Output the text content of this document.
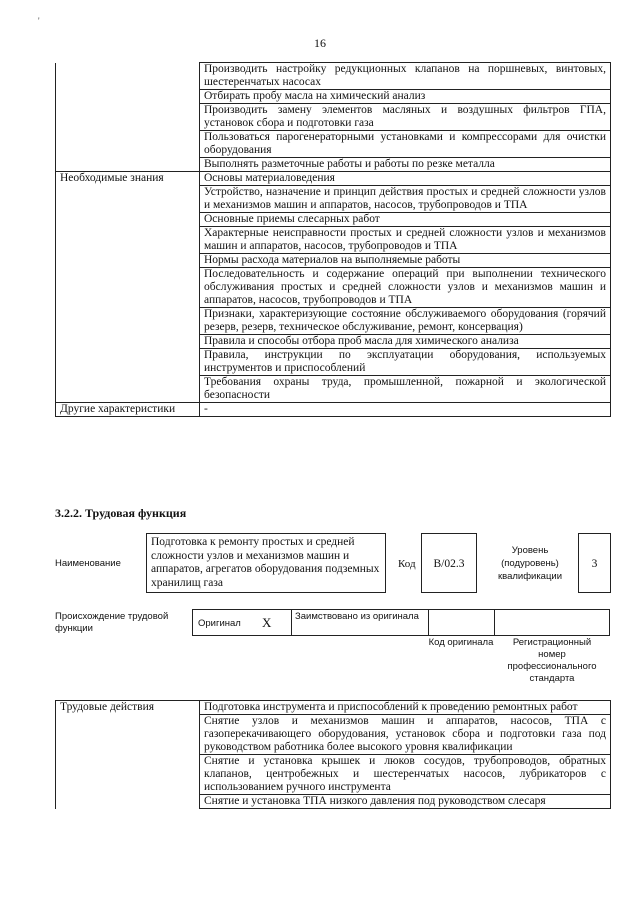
'
16
	Производить настройку редукционных клапанов на поршневых, винтовых, шестеренчатых насосах
	Отбирать пробу масла на химический анализ
	Производить замену элементов масляных и воздушных фильтров ГПА, установок сбора и подготовки газа
	Пользоваться парогенераторными установками и компрессорами для очистки оборудования
	Выполнять разметочные работы и работы по резке металла
Необходимые знания	Основы материаловедения
	Устройство, назначение и принцип действия простых и средней сложности узлов и механизмов машин и аппаратов, насосов, трубопроводов и ТПА
	Основные приемы слесарных работ
	Характерные неисправности простых и средней сложности узлов и механизмов машин и аппаратов, насосов, трубопроводов и ТПА
	Нормы расхода материалов на выполняемые работы
	Последовательность и содержание операций при выполнении технического обслуживания простых и средней сложности узлов и механизмов машин и аппаратов, насосов, трубопроводов и ТПА
	Признаки, характеризующие состояние обслуживаемого оборудования (горячий резерв, резерв, техническое обслуживание, ремонт, консервация)
	Правила и способы отбора проб масла для химического анализа
	Правила, инструкции по эксплуатации оборудования, используемых инструментов и приспособлений
	Требования охраны труда, промышленной, пожарной и экологической безопасности
Другие характеристики	-
3.2.2. Трудовая функция
Наименование
Подготовка к ремонту простых и средней сложности узлов и механизмов машин и аппаратов, агрегатов оборудования подземных хранилищ газа
Код	B/02.3
Уровень (подуровень) квалификации
3
Происхождение трудовой функции	Оригинал X Заимствовано из оригинала
Код оригинала	Регистрационный номер профессионального стандарта
Трудовые действия	Подготовка инструмента и приспособлений к проведению ремонтных работ
	Снятие узлов и механизмов машин и аппаратов, насосов, ТПА с газоперекачивающего оборудования, установок сбора и подготовки газа под руководством работника более высокого уровня квалификации
	Снятие и установка крышек и люков сосудов, трубопроводов, обратных клапанов, центробежных и шестеренчатых насосов, лубрикаторов с использованием ручного инструмента
	Снятие и установка ТПА низкого давления под руководством слесаря
